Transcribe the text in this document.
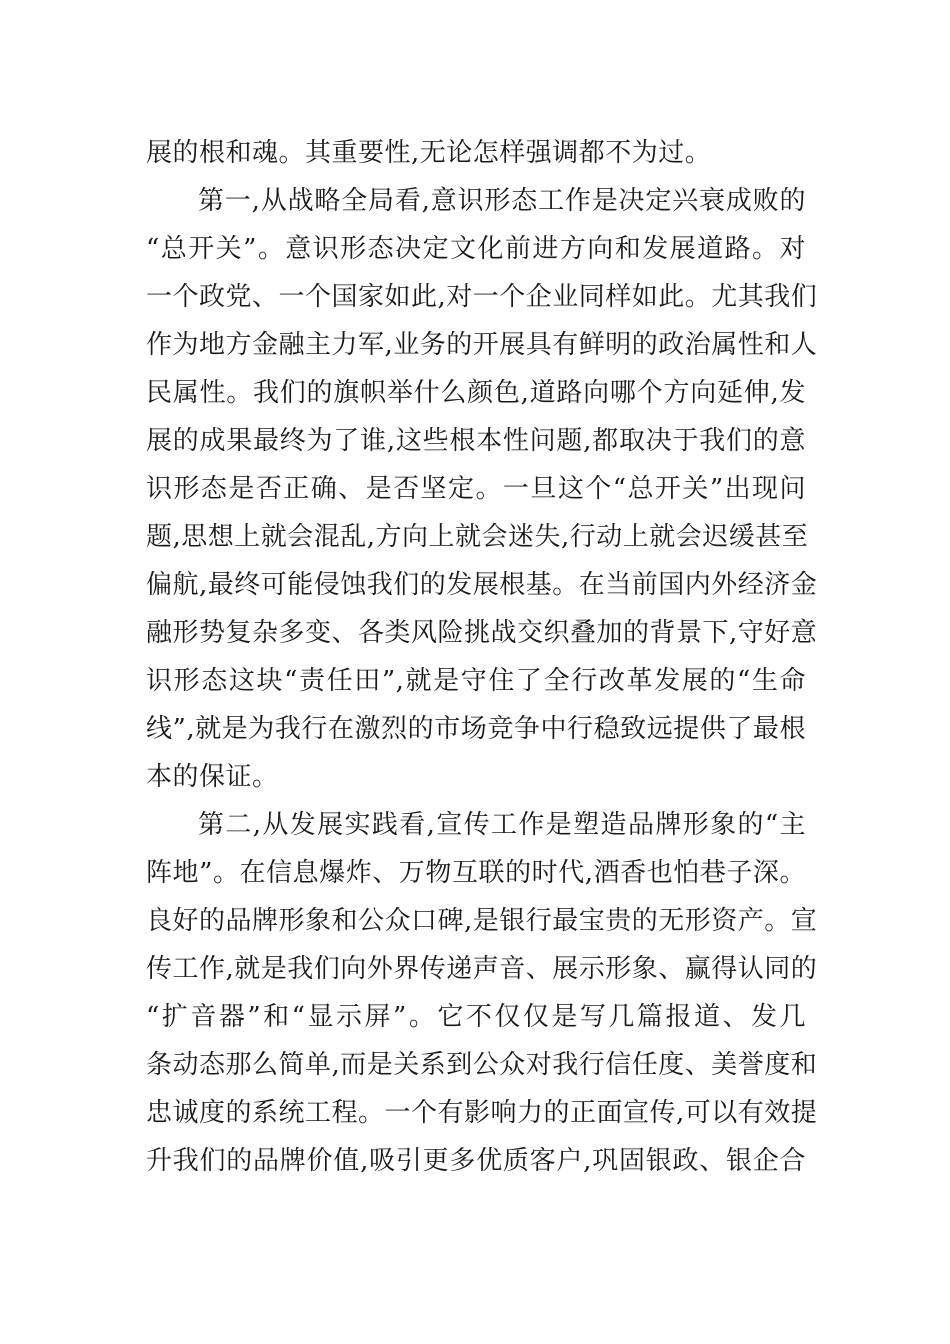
展的根和魂。其重要性,无论怎样强调都不为过。
第一,从战略全局看,意识形态工作是决定兴衰成败的
“总开关”。意识形态决定文化前进方向和发展道路。对
一个政党、一个国家如此,对一个企业同样如此。尤其我们
作为地方金融主力军,业务的开展具有鲜明的政治属性和人
民属性。我们的旗帜举什么颜色,道路向哪个方向延伸,发
展的成果最终为了谁,这些根本性问题,都取决于我们的意
识形态是否正确、是否坚定。一旦这个“总开关”出现问
题,思想上就会混乱,方向上就会迷失,行动上就会迟缓甚至
偏航,最终可能侵蚀我们的发展根基。在当前国内外经济金
融形势复杂多变、各类风险挑战交织叠加的背景下,守好意
识形态这块“责任田”,就是守住了全行改革发展的“生命
线”,就是为我行在激烈的市场竞争中行稳致远提供了最根
本的保证。
第二,从发展实践看,宣传工作是塑造品牌形象的“主
阵地”。在信息爆炸、万物互联的时代,酒香也怕巷子深。
良好的品牌形象和公众口碑,是银行最宝贵的无形资产。宣
传工作,就是我们向外界传递声音、展示形象、赢得认同的
“扩音器”和“显示屏”。它不仅仅是写几篇报道、发几
条动态那么简单,而是关系到公众对我行信任度、美誉度和
忠诚度的系统工程。一个有影响力的正面宣传,可以有效提
升我们的品牌价值,吸引更多优质客户,巩固银政、银企合
